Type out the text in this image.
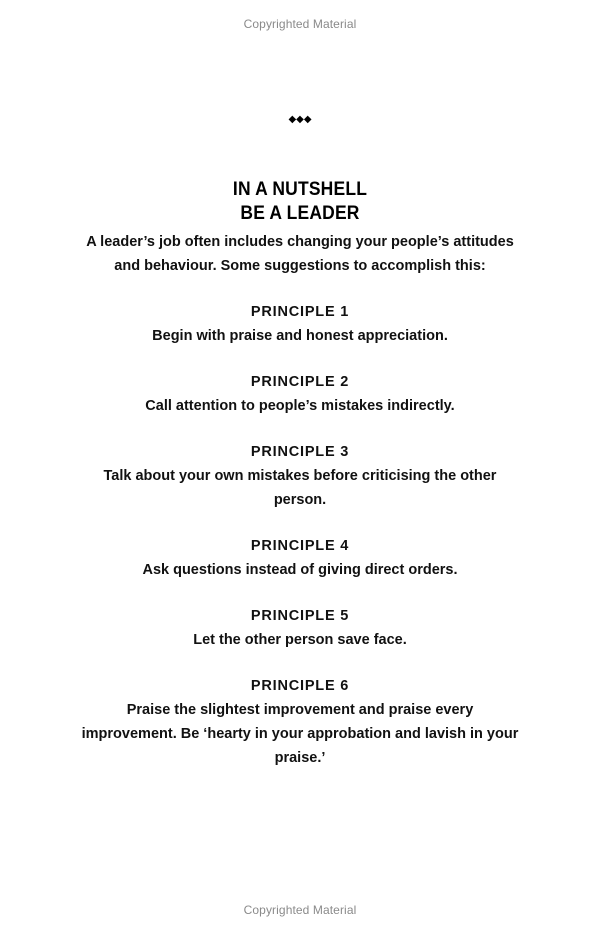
Copyrighted Material
◆◆◆
IN A NUTSHELL
BE A LEADER
A leader’s job often includes changing your people’s attitudes
and behaviour. Some suggestions to accomplish this:
PRINCIPLE 1
Begin with praise and honest appreciation.
PRINCIPLE 2
Call attention to people’s mistakes indirectly.
PRINCIPLE 3
Talk about your own mistakes before criticising the other
person.
PRINCIPLE 4
Ask questions instead of giving direct orders.
PRINCIPLE 5
Let the other person save face.
PRINCIPLE 6
Praise the slightest improvement and praise every
improvement. Be ‘hearty in your approbation and lavish in your
praise.’
Copyrighted Material
